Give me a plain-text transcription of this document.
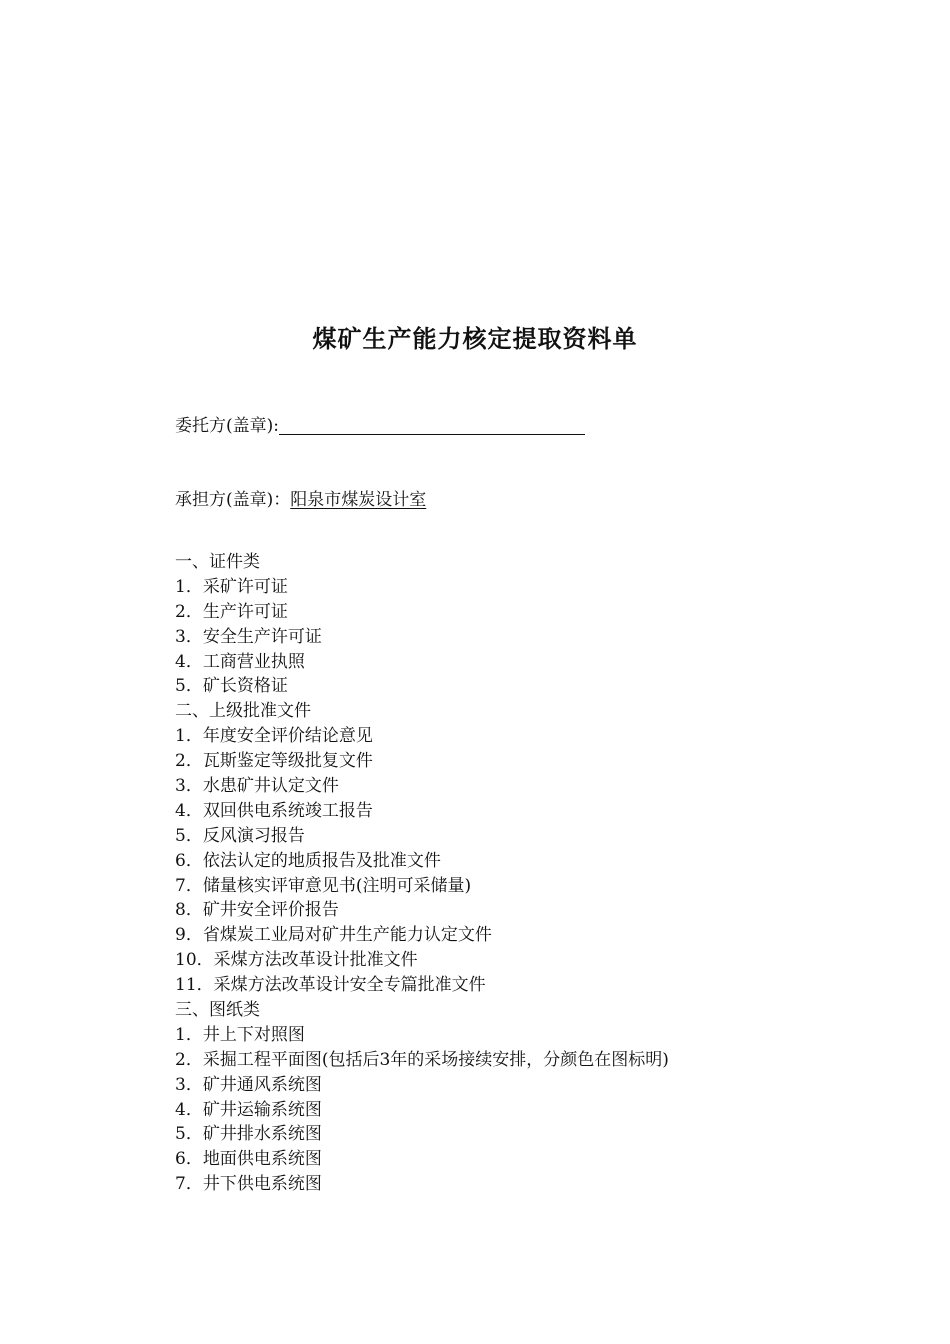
煤矿生产能力核定提取资料单
委托方(盖章):
承担方(盖章)：阳泉市煤炭设计室
一、证件类
1．采矿许可证
2．生产许可证
3．安全生产许可证
4．工商营业执照
5．矿长资格证
二、上级批准文件
1．年度安全评价结论意见
2．瓦斯鉴定等级批复文件
3．水患矿井认定文件
4．双回供电系统竣工报告
5．反风演习报告
6．依法认定的地质报告及批准文件
7．储量核实评审意见书(注明可采储量)
8．矿井安全评价报告
9．省煤炭工业局对矿井生产能力认定文件
10．采煤方法改革设计批准文件
11．采煤方法改革设计安全专篇批准文件
三、图纸类
1．井上下对照图
2．采掘工程平面图(包括后3年的采场接续安排，分颜色在图标明)
3．矿井通风系统图
4．矿井运输系统图
5．矿井排水系统图
6．地面供电系统图
7．井下供电系统图
